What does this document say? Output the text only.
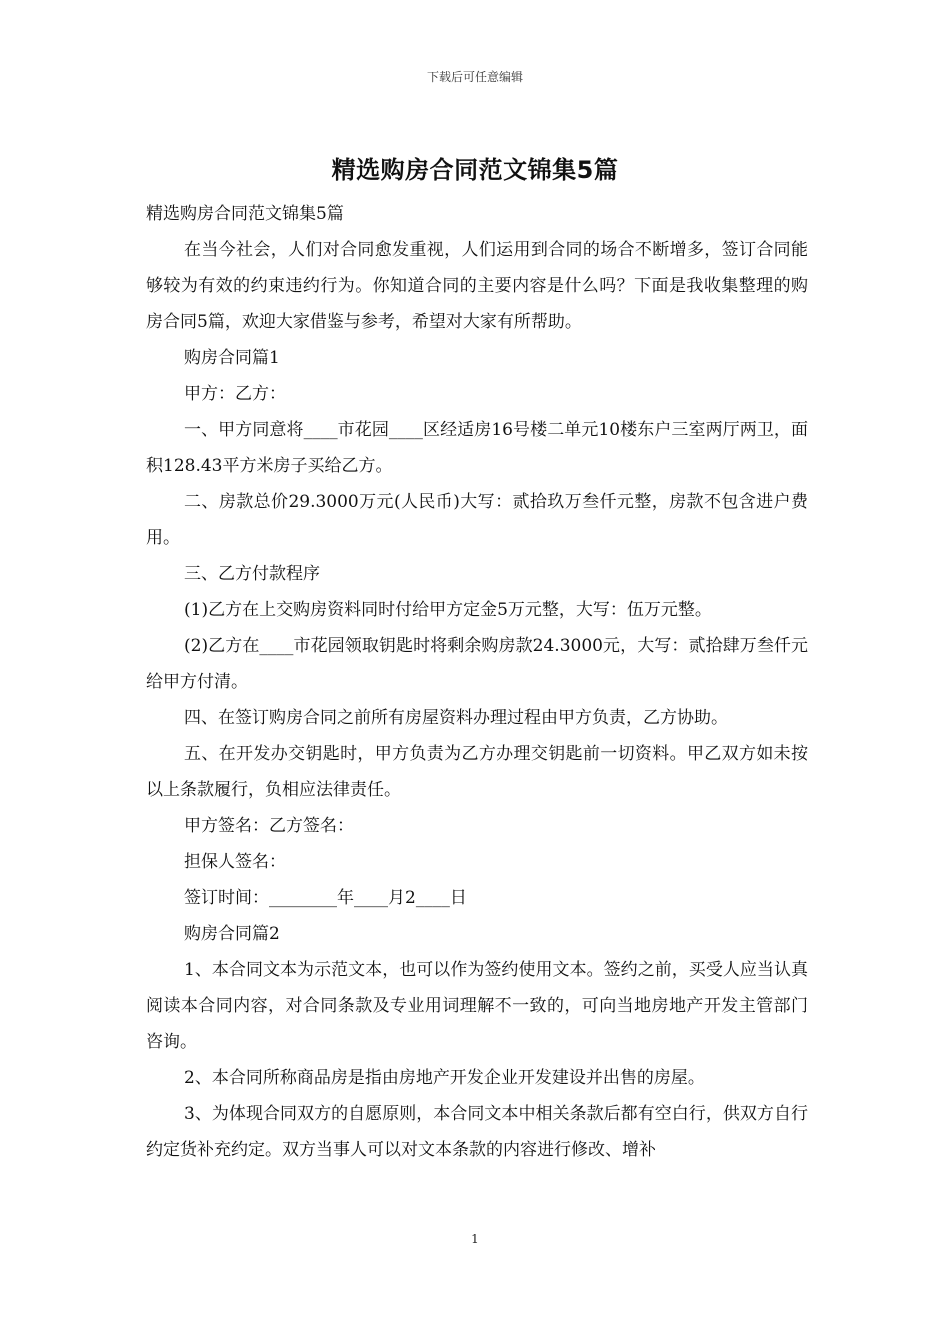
下载后可任意编辑
精选购房合同范文锦集5篇

精选购房合同范文锦集5篇

在当今社会，人们对合同愈发重视，人们运用到合同的场合不断增多，签订合同能够较为有效的约束违约行为。你知道合同的主要内容是什么吗？下面是我收集整理的购房合同5篇，欢迎大家借鉴与参考，希望对大家有所帮助。

购房合同篇1

甲方：乙方：

一、甲方同意将____市花园____区经适房16号楼二单元10楼东户三室两厅两卫，面积128.43平方米房子买给乙方。

二、房款总价29.3000万元(人民币)大写：贰拾玖万叁仟元整，房款不包含进户费用。

三、乙方付款程序

(1)乙方在上交购房资料同时付给甲方定金5万元整，大写：伍万元整。

(2)乙方在____市花园领取钥匙时将剩余购房款24.3000元，大写：贰拾肆万叁仟元给甲方付清。

四、在签订购房合同之前所有房屋资料办理过程由甲方负责，乙方协助。

五、在开发办交钥匙时，甲方负责为乙方办理交钥匙前一切资料。甲乙双方如未按以上条款履行，负相应法律责任。

甲方签名：乙方签名：

担保人签名：

签订时间：________年____月2____日

购房合同篇2

1、本合同文本为示范文本，也可以作为签约使用文本。签约之前，买受人应当认真阅读本合同内容，对合同条款及专业用词理解不一致的，可向当地房地产开发主管部门咨询。

2、本合同所称商品房是指由房地产开发企业开发建设并出售的房屋。

3、为体现合同双方的自愿原则，本合同文本中相关条款后都有空白行，供双方自行约定货补充约定。双方当事人可以对文本条款的内容进行修改、增补

1
